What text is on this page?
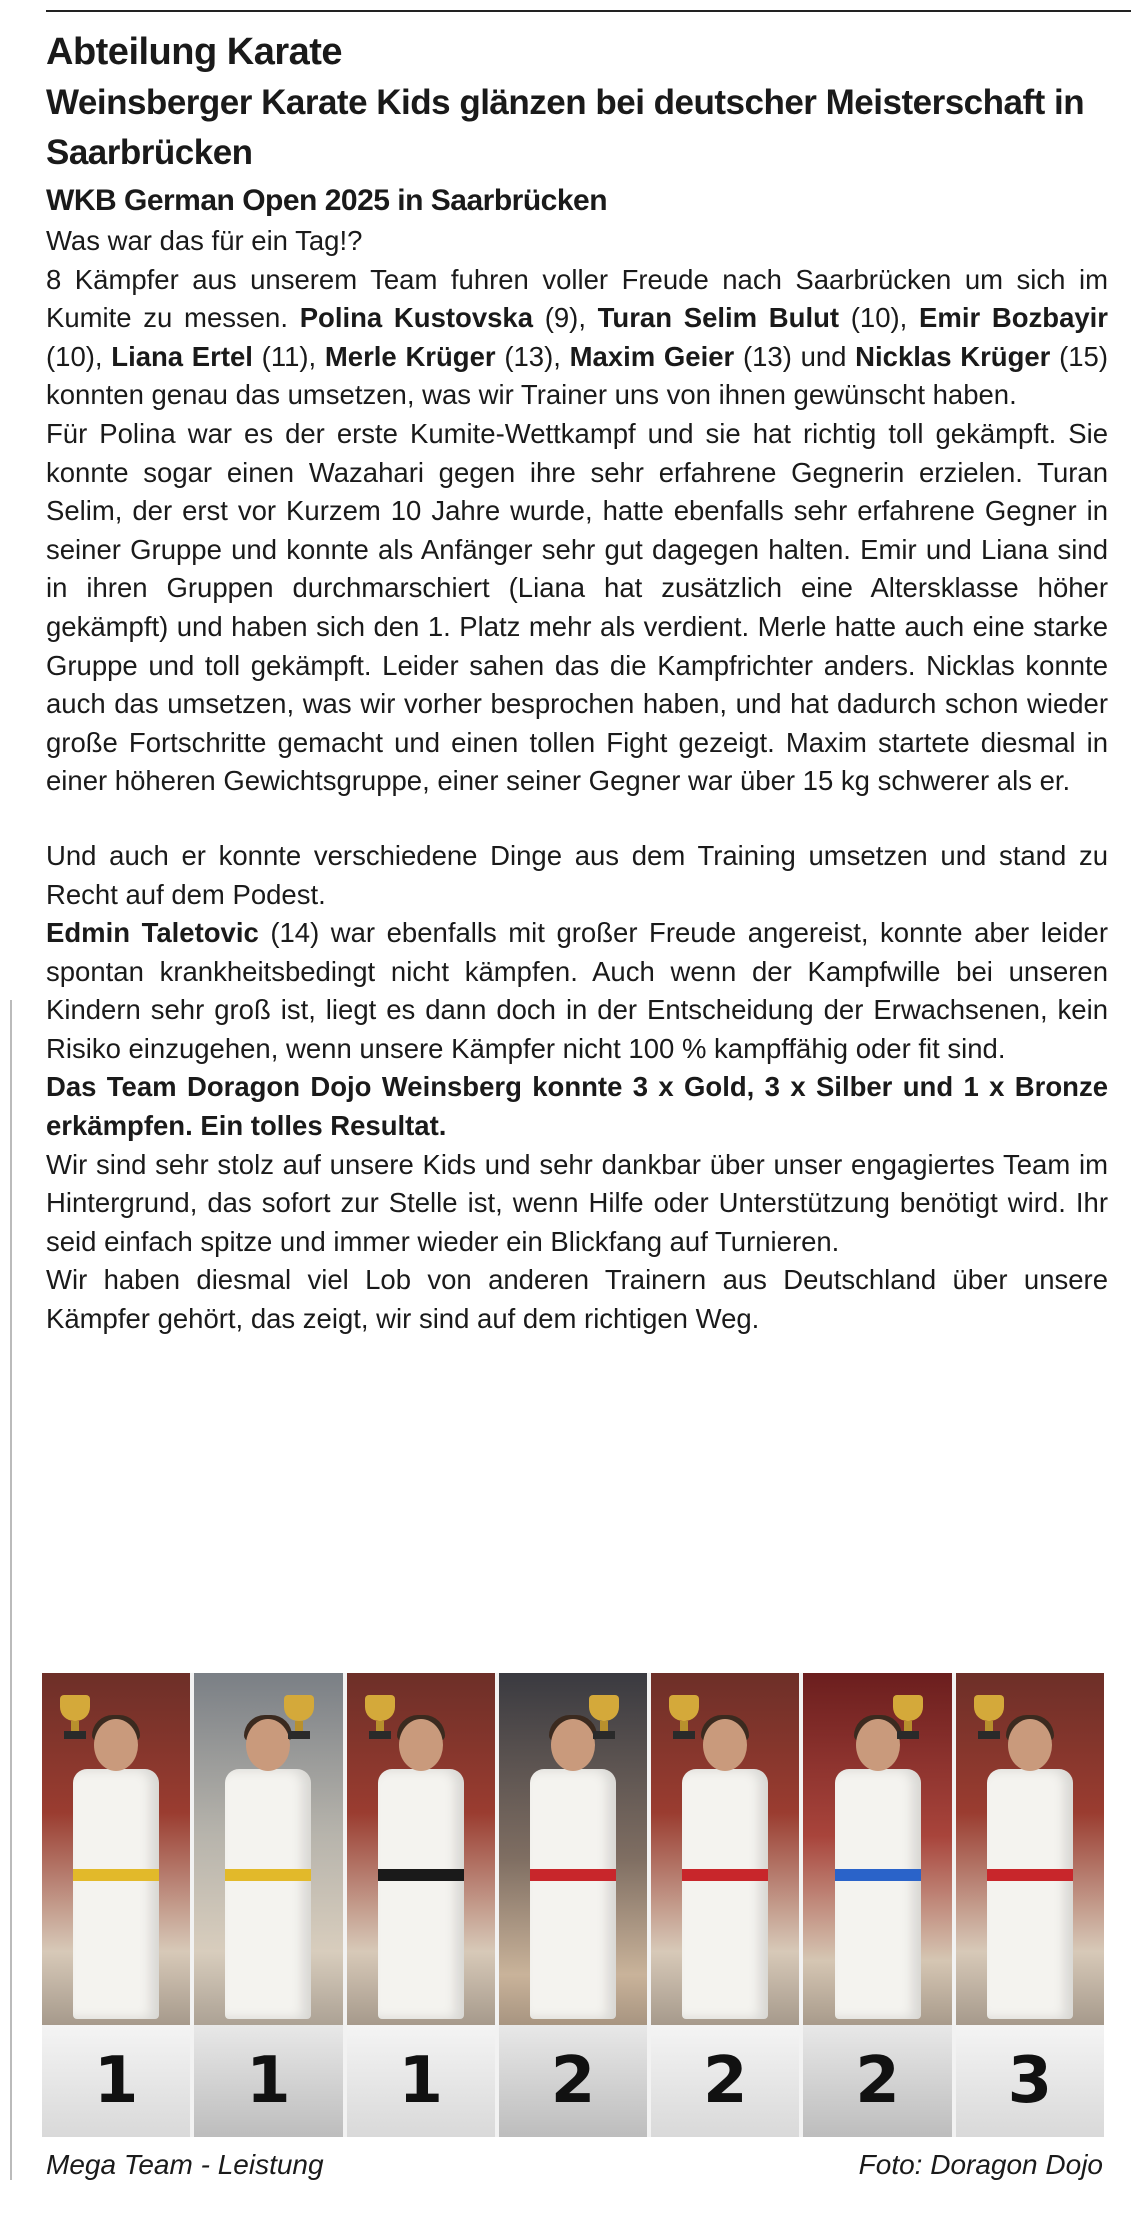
Abteilung Karate
Weinsberger Karate Kids glänzen bei deutscher Meisterschaft in Saarbrücken
WKB German Open 2025 in Saarbrücken

Was war das für ein Tag!?

8 Kämpfer aus unserem Team fuhren voller Freude nach Saarbrücken um sich im Kumite zu messen. Polina Kustovska (9), Turan Selim Bulut (10), Emir Bozbayir (10), Liana Ertel (11), Merle Krüger (13), Maxim Geier (13) und Nicklas Krüger (15) konnten genau das umsetzen, was wir Trainer uns von ihnen gewünscht haben.

Für Polina war es der erste Kumite-Wettkampf und sie hat richtig toll gekämpft. Sie konnte sogar einen Wazahari gegen ihre sehr erfahrene Gegnerin erzielen. Turan Selim, der erst vor Kurzem 10 Jahre wurde, hatte ebenfalls sehr erfahrene Gegner in seiner Gruppe und konnte als Anfänger sehr gut dagegen halten. Emir und Liana sind in ihren Gruppen durchmarschiert (Liana hat zusätzlich eine Altersklasse höher gekämpft) und haben sich den 1. Platz mehr als verdient. Merle hatte auch eine starke Gruppe und toll gekämpft. Leider sahen das die Kampfrichter anders. Nicklas konnte auch das umsetzen, was wir vorher besprochen haben, und hat dadurch schon wieder große Fortschritte gemacht und einen tollen Fight gezeigt. Maxim startete diesmal in einer höheren Gewichtsgruppe, einer seiner Gegner war über 15 kg schwerer als er.

Und auch er konnte verschiedene Dinge aus dem Training umsetzen und stand zu Recht auf dem Podest.

Edmin Taletovic (14) war ebenfalls mit großer Freude angereist, konnte aber leider spontan krankheitsbedingt nicht kämpfen. Auch wenn der Kampfwille bei unseren Kindern sehr groß ist, liegt es dann doch in der Entscheidung der Erwachsenen, kein Risiko einzugehen, wenn unsere Kämpfer nicht 100 % kampffähig oder fit sind.

Das Team Doragon Dojo Weinsberg konnte 3 x Gold, 3 x Silber und 1 x Bronze erkämpfen. Ein tolles Resultat.

Wir sind sehr stolz auf unsere Kids und sehr dankbar über unser engagiertes Team im Hintergrund, das sofort zur Stelle ist, wenn Hilfe oder Unterstützung benötigt wird. Ihr seid einfach spitze und immer wieder ein Blickfang auf Turnieren.

Wir haben diesmal viel Lob von anderen Trainern aus Deutschland über unsere Kämpfer gehört, das zeigt, wir sind auf dem richtigen Weg.

1	1	1	2	2	2	3
Mega Team - Leistung	Foto: Doragon Dojo
